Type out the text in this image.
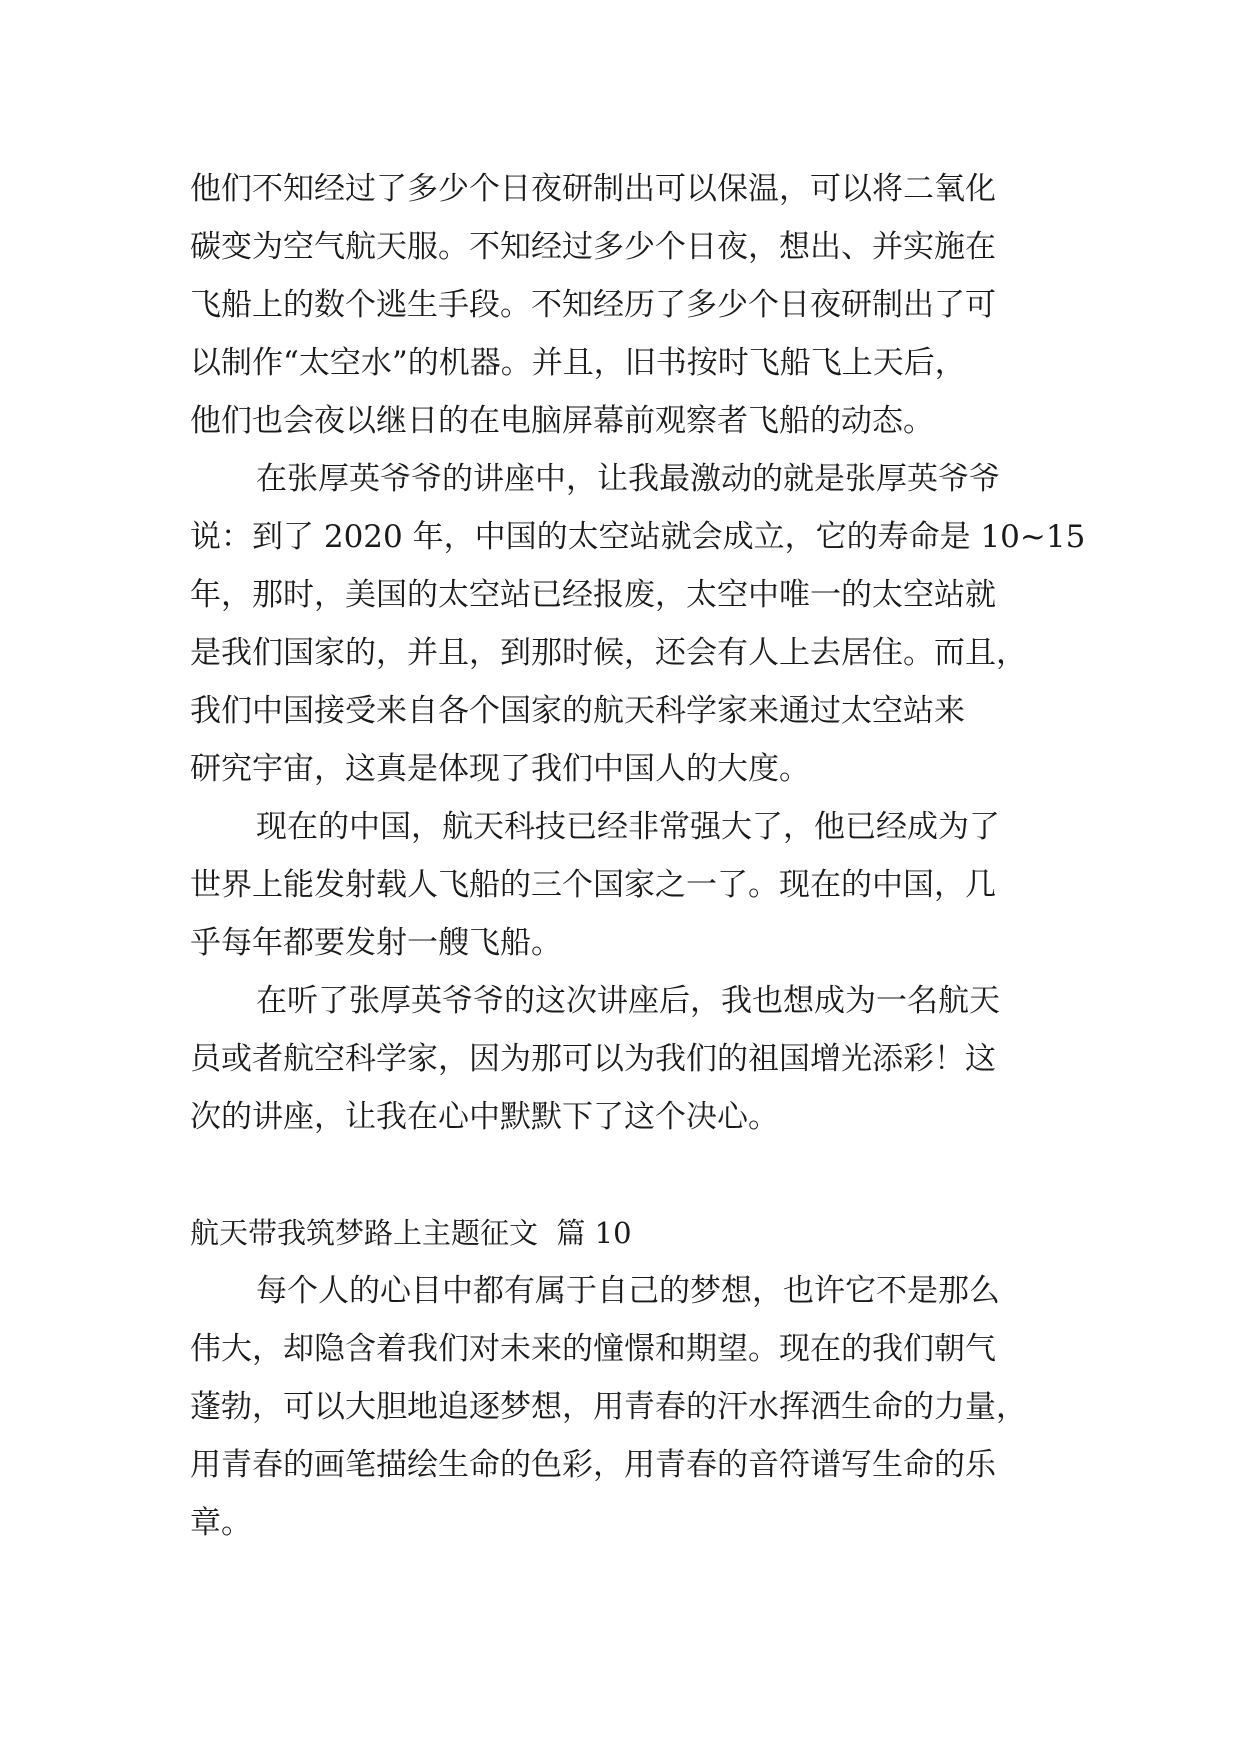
他们不知经过了多少个日夜研制出可以保温，可以将二氧化
碳变为空气航天服。不知经过多少个日夜，想出、并实施在
飞船上的数个逃生手段。不知经历了多少个日夜研制出了可
以制作“太空水”的机器。并且，旧书按时飞船飞上天后，
他们也会夜以继日的在电脑屏幕前观察者飞船的动态。
在张厚英爷爷的讲座中，让我最激动的就是张厚英爷爷
说：到了 2020 年，中国的太空站就会成立，它的寿命是 10~15
年，那时，美国的太空站已经报废，太空中唯一的太空站就
是我们国家的，并且，到那时候，还会有人上去居住。而且，
我们中国接受来自各个国家的航天科学家来通过太空站来
研究宇宙，这真是体现了我们中国人的大度。
现在的中国，航天科技已经非常强大了，他已经成为了
世界上能发射载人飞船的三个国家之一了。现在的中国，几
乎每年都要发射一艘飞船。
在听了张厚英爷爷的这次讲座后，我也想成为一名航天
员或者航空科学家，因为那可以为我们的祖国增光添彩！这
次的讲座，让我在心中默默下了这个决心。
航天带我筑梦路上主题征文  篇 10
每个人的心目中都有属于自己的梦想，也许它不是那么
伟大，却隐含着我们对未来的憧憬和期望。现在的我们朝气
蓬勃，可以大胆地追逐梦想，用青春的汗水挥洒生命的力量，
用青春的画笔描绘生命的色彩，用青春的音符谱写生命的乐
章。
